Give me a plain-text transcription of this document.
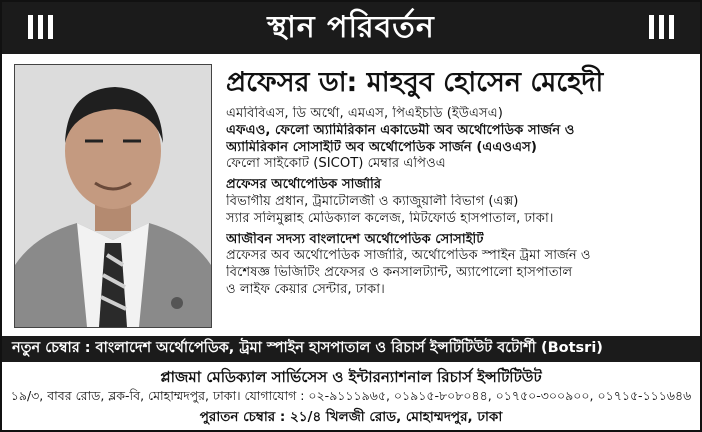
স্থান পরিবর্তন
প্রফেসর ডা: মাহবুব হোসেন মেহেদী
এমবিবিএস, ডি অর্থো, এমএস, পিএইচডি (ইউএসএ)
এফএও, ফেলো অ্যামিরিকান একাডেমী অব অর্থোপেডিক সার্জন ও
অ্যামিরিকান সোসাইটি অব অর্থোপেডিক সার্জন (এএওএস)
ফেলো সাইকোট (SICOT) মেম্বার এপিওএ
প্রফেসর অর্থোপেডিক সার্জারি
বিভাগীয় প্রধান, ট্রমাটোলজী ও ক্যাজুয়ালী বিভাগ (এক্স)
স্যার সলিমুল্লাহ মেডিক্যাল কলেজ, মিটফোর্ড হাসপাতাল, ঢাকা।
আজীবন সদস্য বাংলাদেশ অর্থোপেডিক সোসাইটি
প্রফেসর অব অর্থোপেডিক সার্জারি, অর্থোপেডিক স্পাইন ট্রমা সার্জন ও
বিশেষজ্ঞ ভিজিটিং প্রফেসর ও কনসালট্যান্ট, অ্যাপোলো হাসপাতাল
ও লাইফ কেয়ার সেন্টার, ঢাকা।
নতুন চেম্বার : বাংলাদেশ অর্থোপেডিক, ট্রমা স্পাইন হাসপাতাল ও রিচার্স ইন্সটিটিউট বটোর্শী (Botsri)
প্লাজমা মেডিক্যাল সার্ভিসেস ও ইন্টারন্যাশনাল রিচার্স ইন্সটিটিউট
১৯/৩, বাবর রোড, ব্লক-বি, মোহাম্মদপুর, ঢাকা। যোগাযোগ : ০২-৯১১১৯৬৫, ০১৯১৫-৮০৮০৪৪, ০১৭৫০-৩০০৯০০, ০১৭১৫-১১১৬৪৬
পুরাতন চেম্বার : ২১/৪ খিলজী রোড, মোহাম্মদপুর, ঢাকা
